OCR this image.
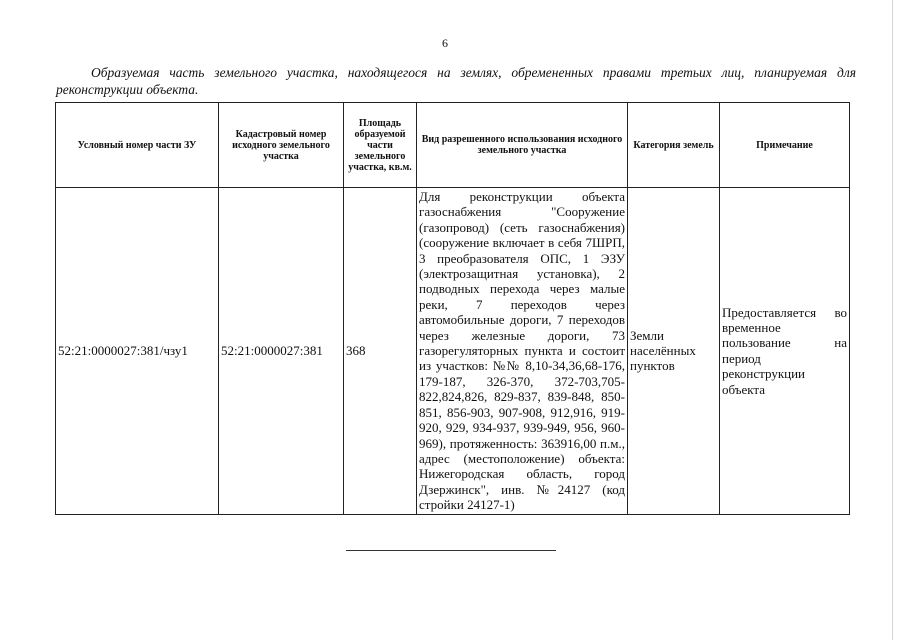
6
Образуемая часть земельного участка, находящегося на землях, обремененных правами третьих лиц, планируемая для реконструкции объекта.
Условный номер части ЗУ	Кадастровый номер исходного земельного участка	Площадь образуемой части земельного участка, кв.м.	Вид разрешенного использования исходного земельного участка	Категория земель	Примечание
52:21:0000027:381/чзу1	52:21:0000027:381	368	Для реконструкции объекта газоснабжения "Сооружение (газопровод) (сеть газоснабжения) (сооружение включает в себя 7ШРП, 3 преобразователя ОПС, 1 ЭЗУ (электрозащитная установка), 2 подводных перехода через малые реки, 7 переходов через автомобильные дороги, 7 переходов через железные дороги, 73 газорегуляторных пункта и состоит из участков: №№ 8,10-34,36,68-176, 179-187, 326-370, 372-703,705-822,824,826, 829-837, 839-848, 850-851, 856-903, 907-908, 912,916, 919-920, 929, 934-937, 939-949, 956, 960-969), протяженность: 363916,00 п.м., адрес (местоположение) объекта: Нижегородская область, город Дзержинск", инв. №24127 (код стройки 24127-1)	Земли населённых пунктов	Предоставляется во временное пользование на период реконструкции объекта
